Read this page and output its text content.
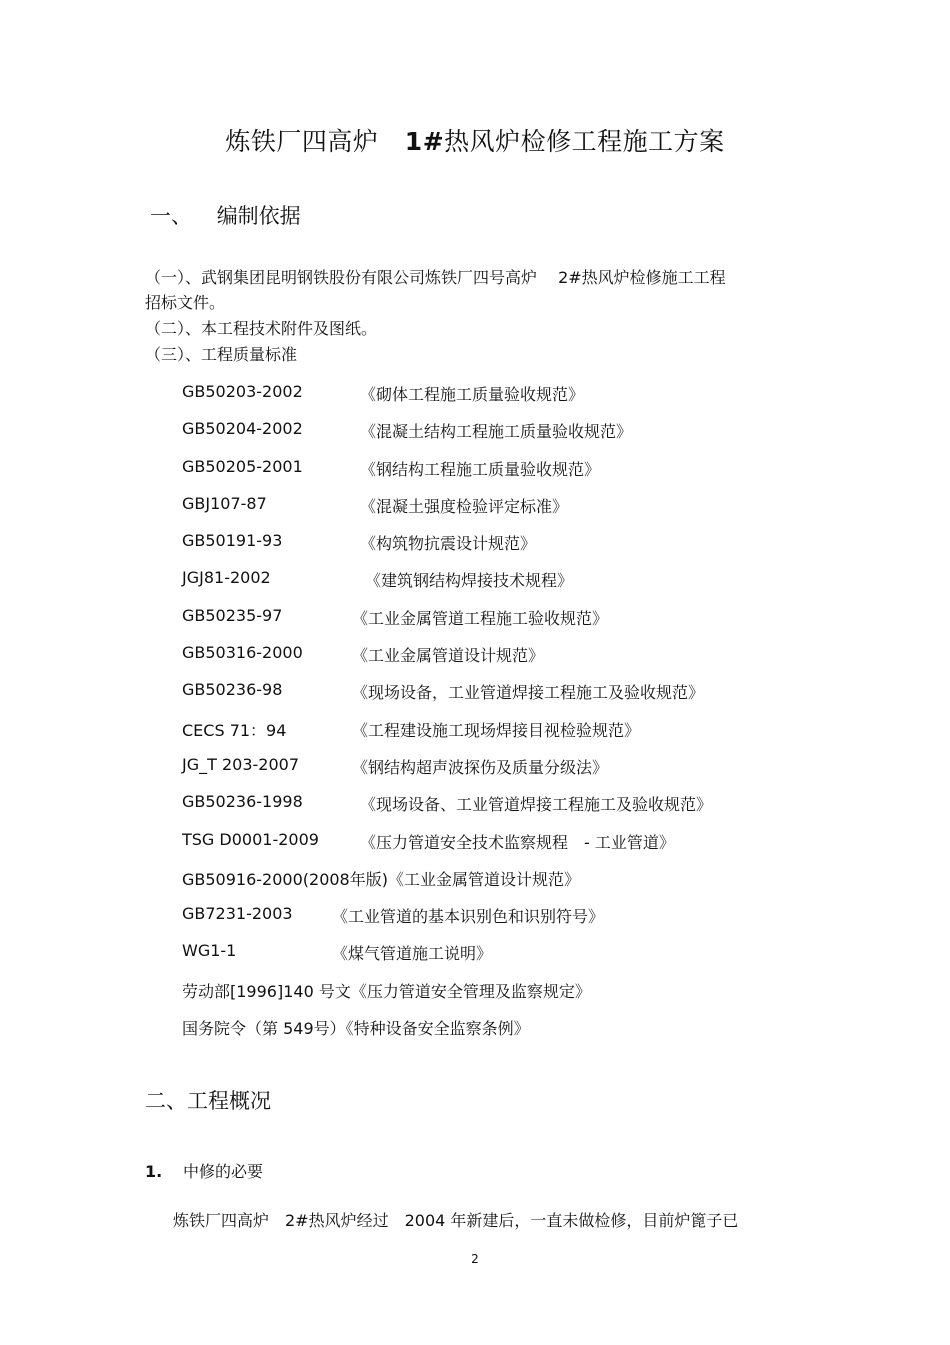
炼铁厂四高炉 1#热风炉检修工程施工方案
一、 编制依据
（一）、武钢集团昆明钢铁股份有限公司炼铁厂四号高炉　 2#热风炉检修施工工程
招标文件。
（二）、本工程技术附件及图纸。
（三）、工程质量标准
GB50203-2002	《砌体工程施工质量验收规范》
GB50204-2002	《混凝土结构工程施工质量验收规范》
GB50205-2001	《钢结构工程施工质量验收规范》
GBJ107-87	《混凝土强度检验评定标准》
GB50191-93	《构筑物抗震设计规范》
JGJ81-2002	《建筑钢结构焊接技术规程》
GB50235-97	《工业金属管道工程施工验收规范》
GB50316-2000	《工业金属管道设计规范》
GB50236-98	《现场设备，工业管道焊接工程施工及验收规范》
CECS 71：94	《工程建设施工现场焊接目视检验规范》
JG_T 203-2007	《钢结构超声波探伤及质量分级法》
GB50236-1998	《现场设备、工业管道焊接工程施工及验收规范》
TSG D0001-2009	《压力管道安全技术监察规程　- 工业管道》
GB50916-2000(2008年版)《工业金属管道设计规范》
GB7231-2003 《工业管道的基本识别色和识别符号》
WG1-1	《煤气管道施工说明》
劳动部[1996]140 号文《压力管道安全管理及监察规定》
国务院令（第 549号）《特种设备安全监察条例》
二、工程概况
1. 中修的必要
炼铁厂四高炉　2#热风炉经过　2004 年新建后，一直未做检修，目前炉篦子已
2
